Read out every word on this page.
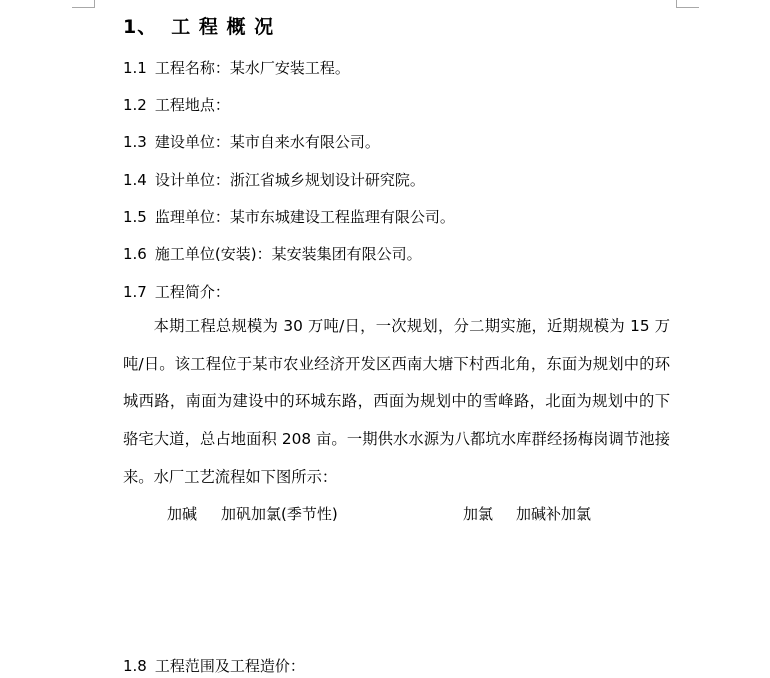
1、 工 程 概 况
1.1 工程名称：某水厂安装工程。
1.2 工程地点：
1.3 建设单位：某市自来水有限公司。
1.4 设计单位：浙江省城乡规划设计研究院。
1.5 监理单位：某市东城建设工程监理有限公司。
1.6 施工单位(安装)：某安装集团有限公司。
1.7 工程简介：

本期工程总规模为 30 万吨/日，一次规划，分二期实施，近期规模为 15 万吨/日。该工程位于某市农业经济开发区西南大塘下村西北角，东面为规划中的环城西路，南面为建设中的环城东路，西面为规划中的雪峰路，北面为规划中的下骆宅大道，总占地面积 208 亩。一期供水水源为八都坑水库群经扬梅岗调节池接来。水厂工艺流程如下图所示：

加碱 加矾加氯(季节性)	加氯 加碱补加氯
1.8 工程范围及工程造价：
